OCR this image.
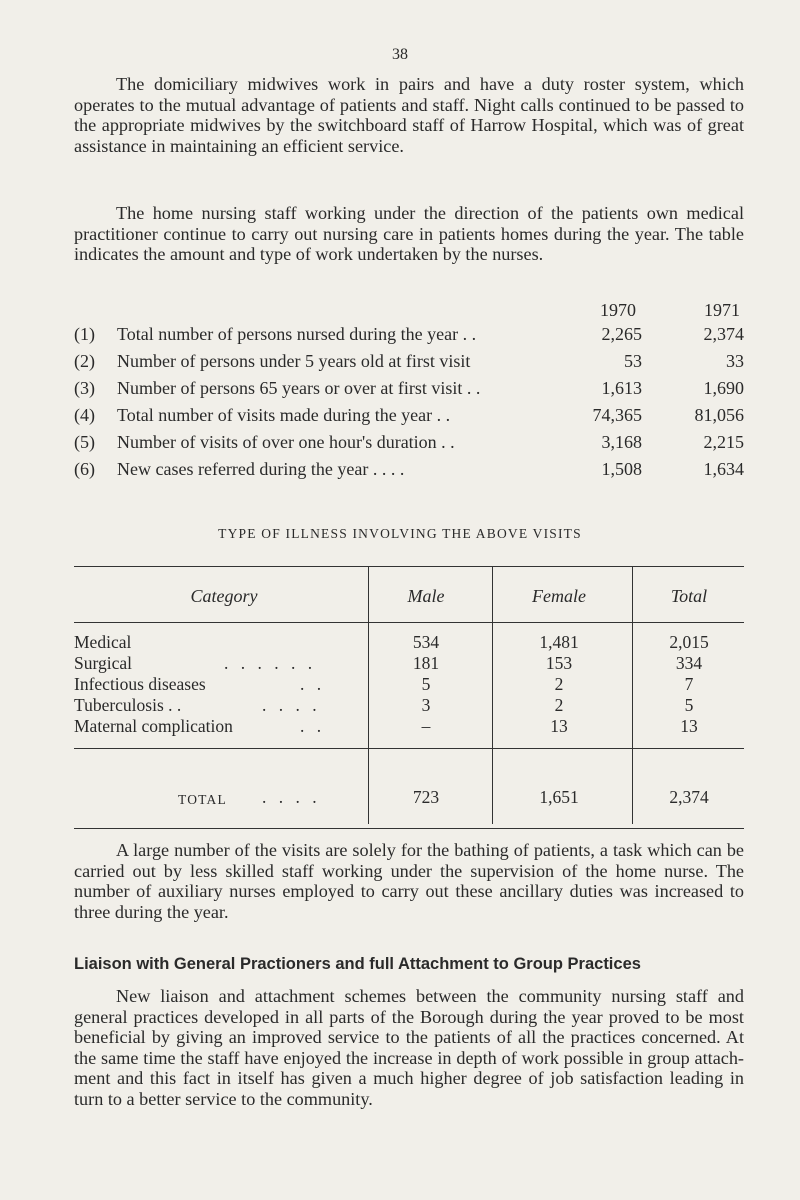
38

The domiciliary midwives work in pairs and have a duty roster system, which operates to the mutual advantage of patients and staff. Night calls continued to be passed to the appropriate midwives by the switchboard staff of Harrow Hospital, which was of great assistance in maintaining an efficient service.

The home nursing staff working under the direction of the patients own medical practitioner continue to carry out nursing care in patients homes during the year. The table indicates the amount and type of work undertaken by the nurses.

1970	1971
(1) Total number of persons nursed during the year . .	2,265	2,374
(2) Number of persons under 5 years old at first visit	53	33
(3) Number of persons 65 years or over at first visit . .	1,613	1,690
(4) Total number of visits made during the year . .	74,365	81,056
(5) Number of visits of over one hour's duration . .	3,168	2,215
(6) New cases referred during the year . . . .	1,508	1,634
TYPE OF ILLNESS INVOLVING THE ABOVE VISITS
Category	Male	Female	Total
Medical	534	1,481	2,015
Surgical	. . . . . .	181	153	334
Infectious diseases	. .	5	2	7
Tuberculosis . .	. . . .	3	2	5
Maternal complication	. .	–	13	13
TOTAL . . . .	723	1,651	2,374

A large number of the visits are solely for the bathing of patients, a task which can be carried out by less skilled staff working under the supervision of the home nurse. The number of auxiliary nurses employed to carry out these ancillary duties was increased to three during the year.

Liaison with General Practioners and full Attachment to Group Practices

New liaison and attachment schemes between the community nursing staff and general practices developed in all parts of the Borough during the year proved to be most beneficial by giving an improved service to the patients of all the practices concerned. At the same time the staff have enjoyed the increase in depth of work possible in group attach- ment and this fact in itself has given a much higher degree of job satisfaction leading in turn to a better service to the community.
